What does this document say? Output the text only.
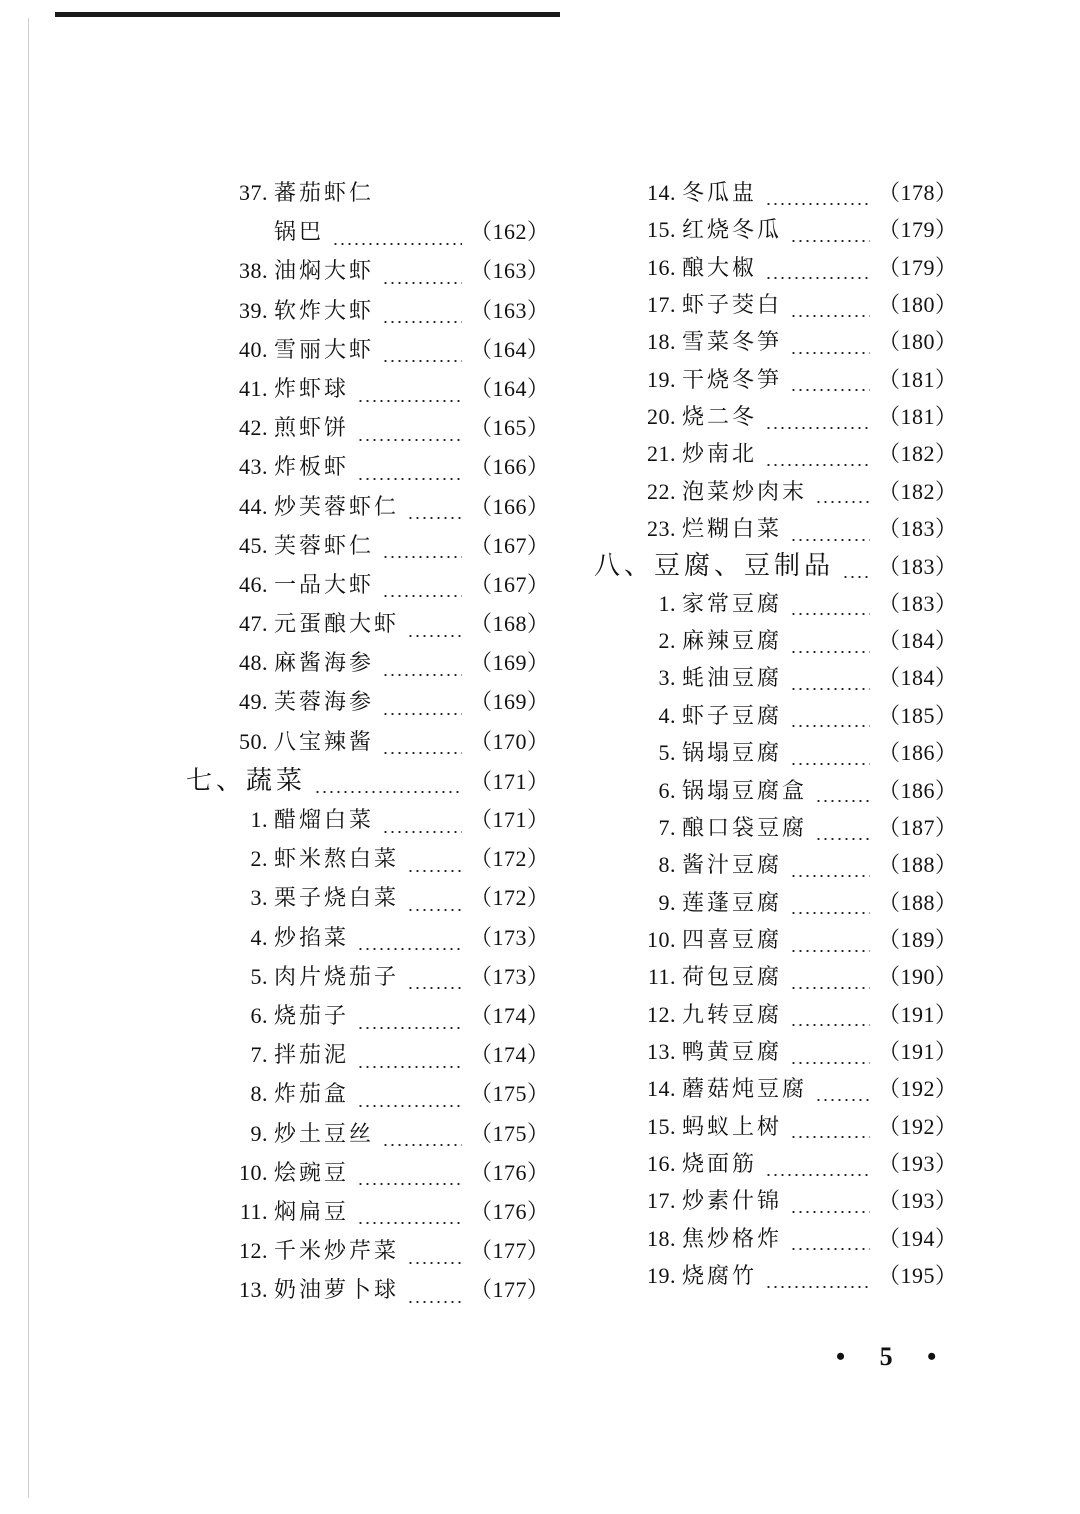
37. 蕃茄虾仁
锅巴	（162）
38. 油焖大虾	（163）
39. 软炸大虾	（163）
40. 雪丽大虾	（164）
41. 炸虾球	（164）
42. 煎虾饼	（165）
43. 炸板虾	（166）
44. 炒芙蓉虾仁	（166）
45. 芙蓉虾仁	（167）
46. 一品大虾	（167）
47. 元蛋酿大虾	（168）
48. 麻酱海参	（169）
49. 芙蓉海参	（169）
50. 八宝辣酱	（170）
七、蔬菜	（171）
1. 醋熘白菜	（171）
2. 虾米熬白菜	（172）
3. 栗子烧白菜	（172）
4. 炒掐菜	（173）
5. 肉片烧茄子	（173）
6. 烧茄子	（174）
7. 拌茄泥	（174）
8. 炸茄盒	（175）
9. 炒土豆丝	（175）
10. 烩豌豆	（176）
11. 焖扁豆	（176）
12. 千米炒芹菜	（177）
13. 奶油萝卜球	（177）
14. 冬瓜盅	（178）
15. 红烧冬瓜	（179）
16. 酿大椒	（179）
17. 虾子茭白	（180）
18. 雪菜冬笋	（180）
19. 干烧冬笋	（181）
20. 烧二冬	（181）
21. 炒南北	（182）
22. 泡菜炒肉末	（182）
23. 烂糊白菜	（183）
八、豆腐、豆制品 （183）
1. 家常豆腐	（183）
2. 麻辣豆腐	（184）
3. 蚝油豆腐	（184）
4. 虾子豆腐	（185）
5. 锅塌豆腐	（186）
6. 锅塌豆腐盒	（186）
7. 酿口袋豆腐	（187）
8. 酱汁豆腐	（188）
9. 莲蓬豆腐	（188）
10. 四喜豆腐	（189）
11. 荷包豆腐	（190）
12. 九转豆腐	（191）
13. 鸭黄豆腐	（191）
14. 蘑菇炖豆腐	（192）
15. 蚂蚁上树	（192）
16. 烧面筋	（193）
17. 炒素什锦	（193）
18. 焦炒格炸	（194）
19. 烧腐竹	（195）
• 5 •
